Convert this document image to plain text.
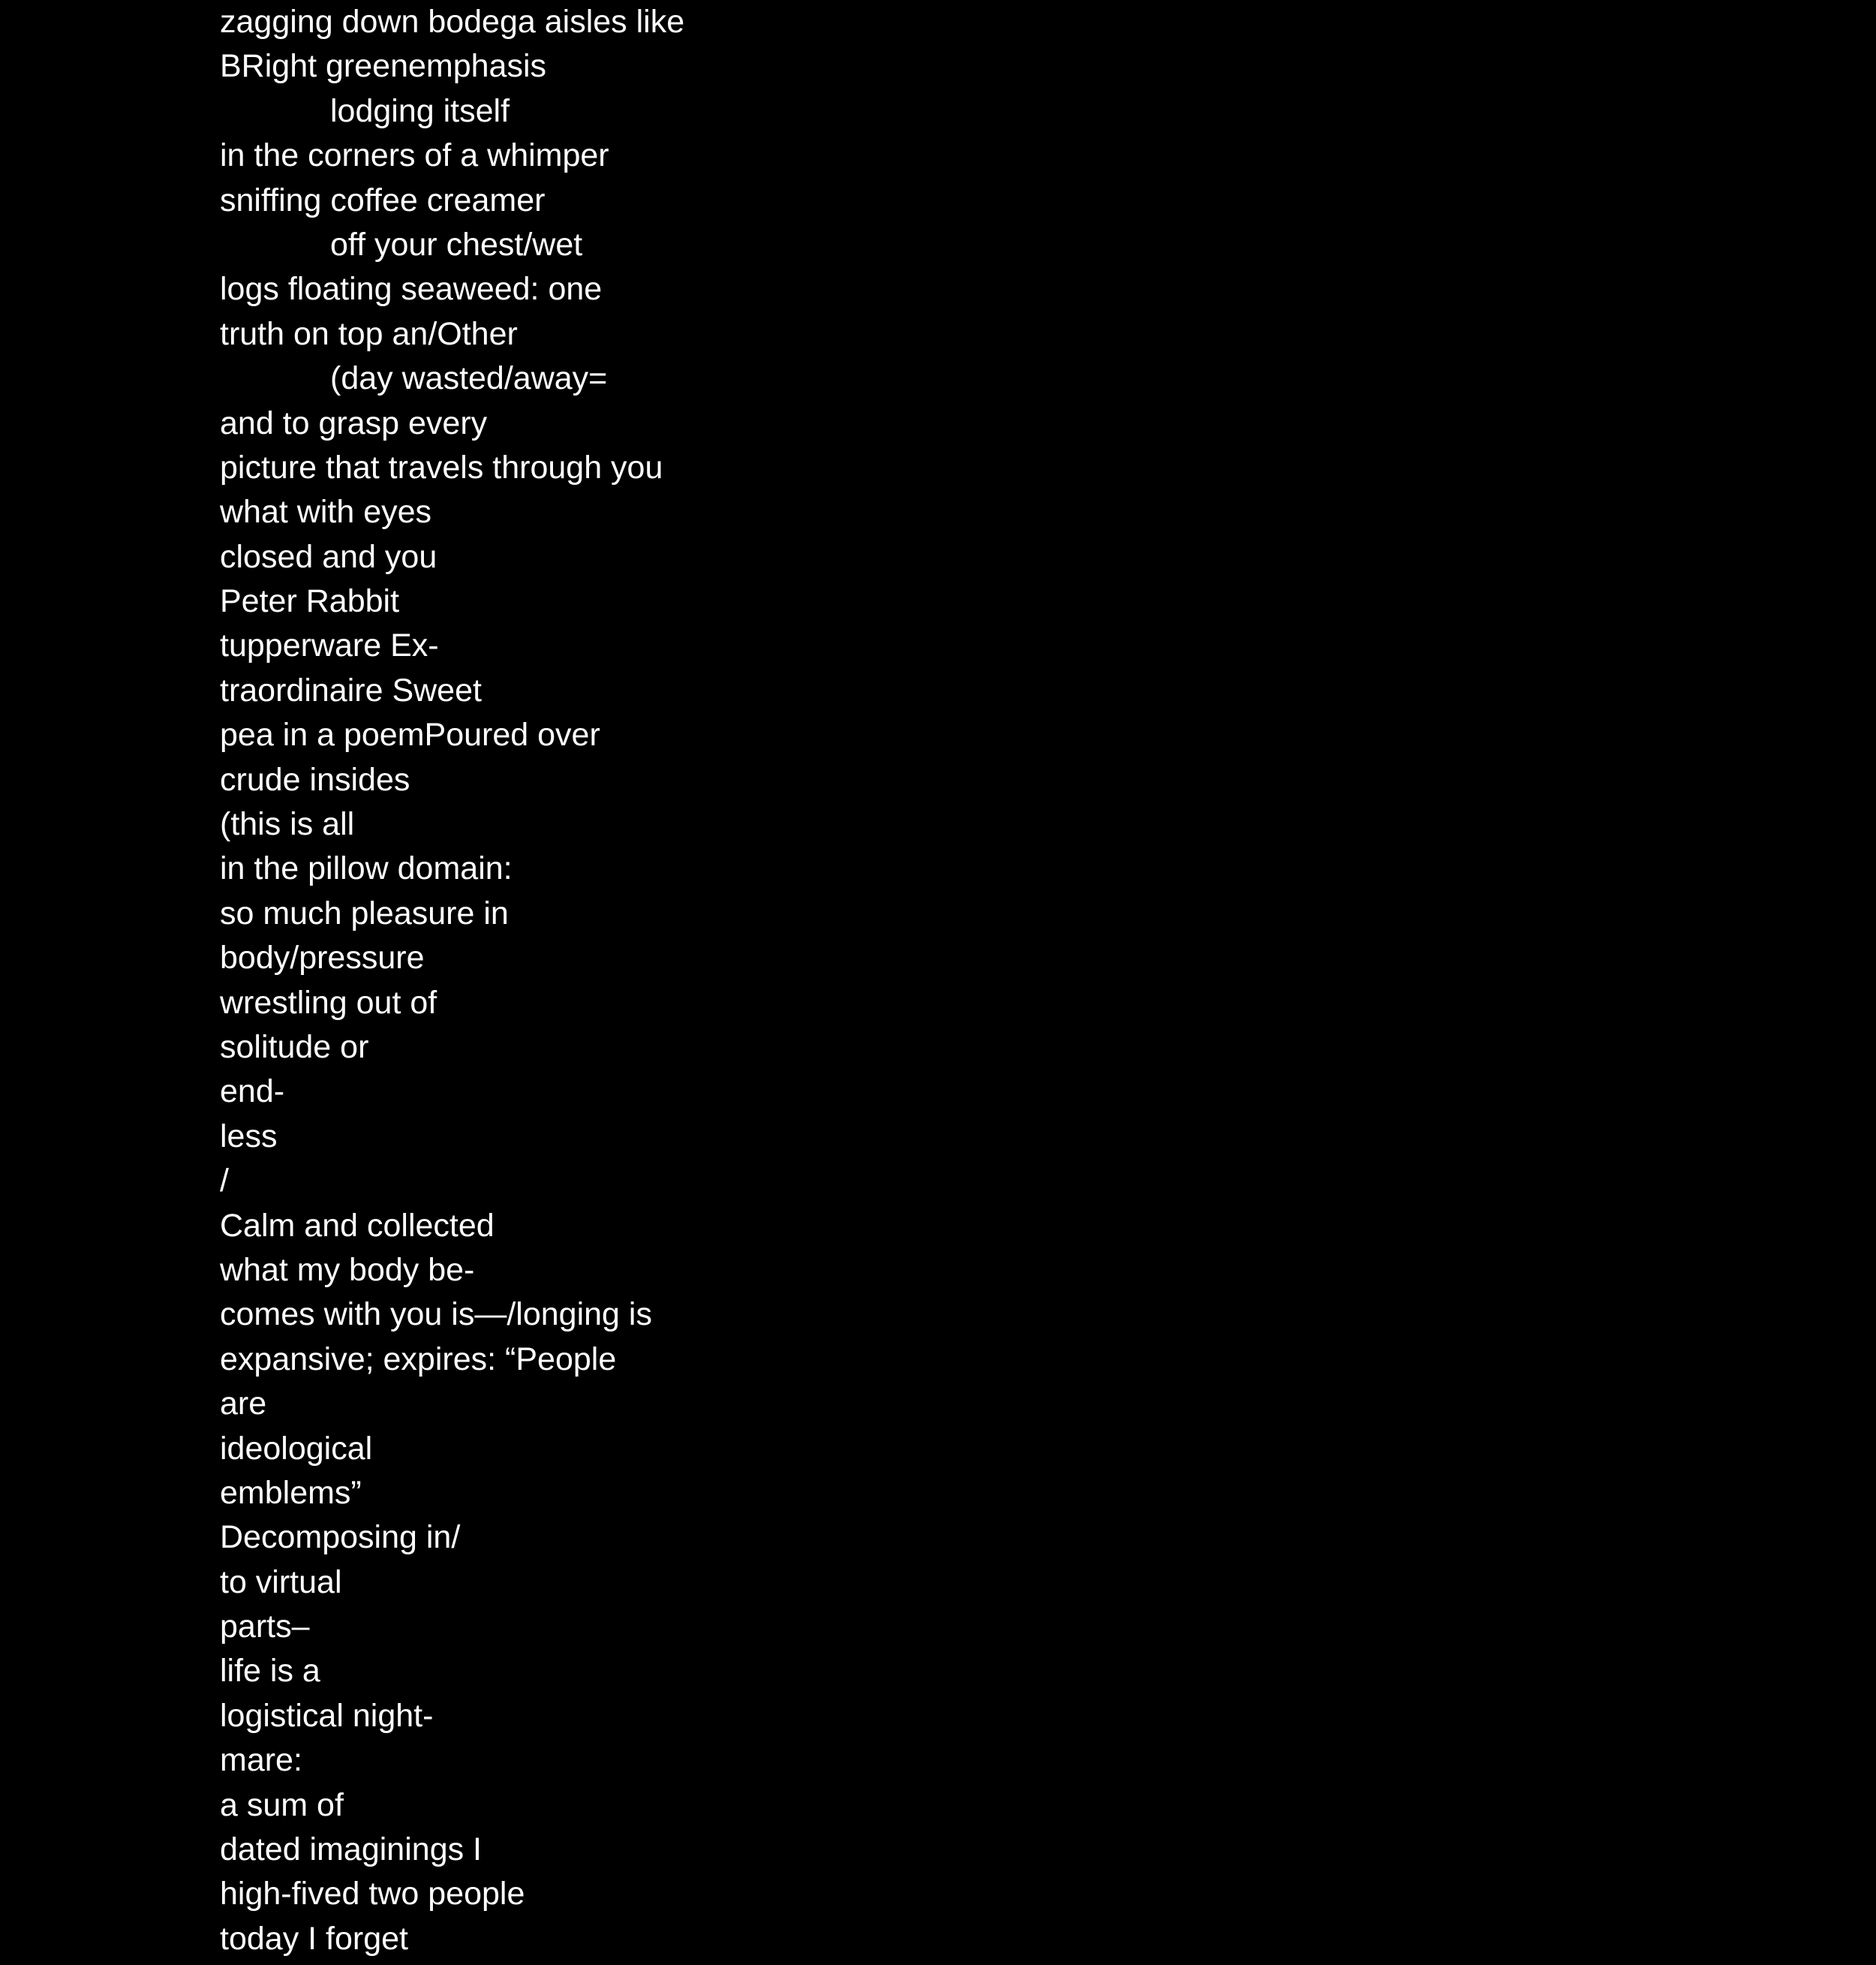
zagging down bodega aisles like
BRight greenemphasis
lodging itself
in the corners of a whimper
sniffing coffee creamer
off your chest/wet
logs floating seaweed: one
truth on top an/Other
(day wasted/away=
and to grasp every
picture that travels through you
what with eyes
closed and you
Peter Rabbit
tupperware Ex-
traordinaire Sweet
pea in a poemPoured over
crude insides
(this is all
in the pillow domain:
so much pleasure in
body/pressure
wrestling out of
solitude or
end-
less
/
Calm and collected
what my body be-
comes with you is—/longing is
expansive; expires: “People
are
ideological
emblems”
Decomposing in/
to virtual
parts–
life is a
logistical night-
mare:
a sum of
dated imaginings I
high-fived two people
today I forget
